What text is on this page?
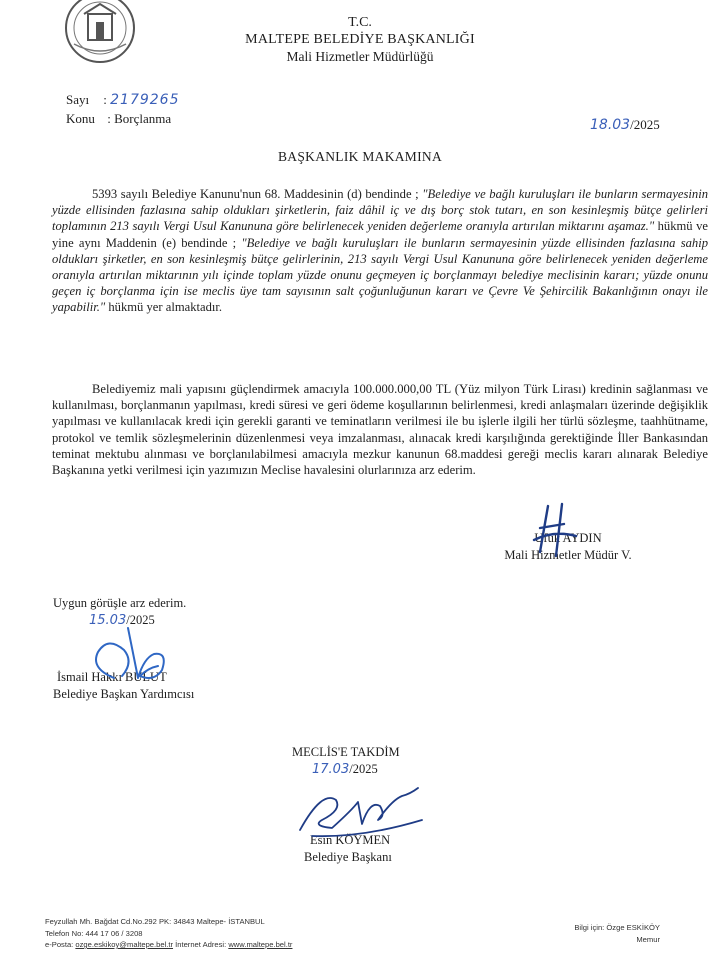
T.C.
MALTEPE BELEDİYE BAŞKANLIĞI
Mali Hizmetler Müdürlüğü
Sayı : 2179265
Konu : Borçlanma	18.03/2025
BAŞKANLIK MAKAMINA
5393 sayılı Belediye Kanunu'nun 68. Maddesinin (d) bendinde ; "Belediye ve bağlı kuruluşları ile bunların sermayesinin yüzde ellisinden fazlasına sahip oldukları şirketlerin, faiz dâhil iç ve dış borç stok tutarı, en son kesinleşmiş bütçe gelirleri toplamının 213 sayılı Vergi Usul Kanununa göre belirlenecek yeniden değerleme oranıyla artırılan miktarını aşamaz." hükmü ve yine aynı Maddenin (e) bendinde ; "Belediye ve bağlı kuruluşları ile bunların sermayesinin yüzde ellisinden fazlasına sahip oldukları şirketler, en son kesinleşmiş bütçe gelirlerinin, 213 sayılı Vergi Usul Kanununa göre belirlenecek yeniden değerleme oranıyla artırılan miktarının yılı içinde toplam yüzde onunu geçmeyen iç borçlanmayı belediye meclisinin kararı; yüzde onunu geçen iç borçlanma için ise meclis üye tam sayısının salt çoğunluğunun kararı ve Çevre Ve Şehircilik Bakanlığının onayı ile yapabilir." hükmü yer almaktadır.
Belediyemiz mali yapısını güçlendirmek amacıyla 100.000.000,00 TL (Yüz milyon Türk Lirası) kredinin sağlanması ve kullanılması, borçlanmanın yapılması, kredi süresi ve geri ödeme koşullarının belirlenmesi, kredi anlaşmaları üzerinde değişiklik yapılması ve kullanılacak kredi için gerekli garanti ve teminatların verilmesi ile bu işlerle ilgili her türlü sözleşme, taahhütname, protokol ve temlik sözleşmelerinin düzenlenmesi veya imzalanması, alınacak kredi karşılığında gerektiğinde İller Bankasından teminat mektubu alınması ve borçlanılabilmesi amacıyla mezkur kanunun 68.maddesi gereği meclis kararı alınarak Belediye Başkanına yetki verilmesi için yazımızın Meclise havalesini olurlarınıza arz ederim.
Ufuk AYDIN
Mali Hizmetler Müdür V.
Uygun görüşle arz ederim.
15.03/2025
İsmail Hakkı BULUT
Belediye Başkan Yardımcısı
MECLİS'E TAKDİM
17.03/2025
Esin KÖYMEN
Belediye Başkanı
Feyzullah Mh. Bağdat Cd.No.292 PK: 34843 Maltepe- İSTANBUL
Telefon No: 444 17 06 / 3208
e-Posta: ozge.eskikoy@maltepe.bel.tr İnternet Adresi: www.maltepe.bel.tr
Bilgi için: Özge ESKİKÖY
Memur
